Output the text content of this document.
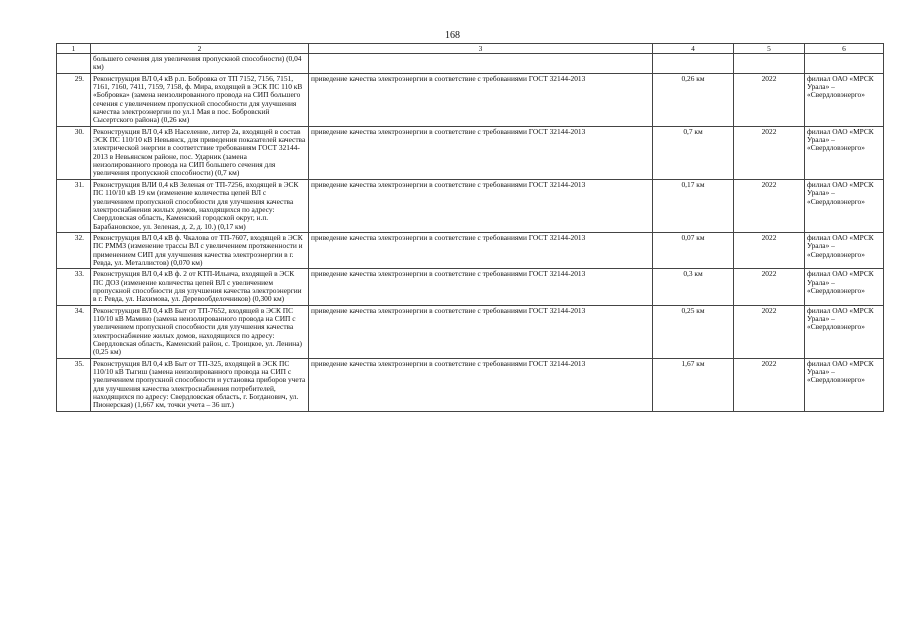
168
1	2	3	4	5	6
	большего сечения для увеличения пропускной способности) (0,04 км)				
29.	Реконструкция ВЛ 0,4 кВ р.п. Бобровка от ТП 7152, 7156, 7151, 7161, 7160, 7411, 7159, 7158, ф. Мира, входящей в ЭСК ПС 110 кВ «Бобровка» (замена неизолированного провода на СИП большего сечения с увеличением пропускной способности для улучшения качества электроэнергии по ул.1 Мая в пос. Бобровский Сысертского района) (0,26 км)	приведение качества электроэнергии в соответствие с требованиями ГОСТ 32144-2013	0,26 км	2022	филиал ОАО «МРСК Урала» – «Свердловэнерго»
30.	Реконструкция ВЛ 0,4 кВ Население, литер 2а, входящей в состав ЭСК ПС 110/10 кВ Невьянск, для приведения показателей качества электрической энергии в соответствие требованиям ГОСТ 32144-2013 в Невьянском районе, пос. Ударник (замена неизолированного провода на СИП большего сечения для увеличения пропускной способности) (0,7 км)	приведение качества электроэнергии в соответствие с требованиями ГОСТ 32144-2013	0,7 км	2022	филиал ОАО «МРСК Урала» – «Свердловэнерго»
31.	Реконструкция ВЛИ 0,4 кВ Зеленая от ТП-7256, входящей в ЭСК ПС 110/10 кВ 19 км (изменение количества цепей ВЛ с увеличением пропускной способности для улучшения качества электроснабжения жилых домов, находящихся по адресу: Свердловская область, Каменский городской округ, н.п. Барабановское, ул. Зеленая, д. 2, д. 10.) (0,17 км)	приведение качества электроэнергии в соответствие с требованиями ГОСТ 32144-2013	0,17 км	2022	филиал ОАО «МРСК Урала» – «Свердловэнерго»
32.	Реконструкция ВЛ 0,4 кВ ф. Чкалова от ТП-7607, входящей в ЭСК ПС РММЗ (изменение трассы ВЛ с увеличением протяженности и применением СИП для улучшения качества электроэнергии в г. Ревда, ул. Металлистов) (0,070 км)	приведение качества электроэнергии в соответствие с требованиями ГОСТ 32144-2013	0,07 км	2022	филиал ОАО «МРСК Урала» – «Свердловэнерго»
33.	Реконструкция ВЛ 0,4 кВ ф. 2 от КТП-Ильича, входящей в ЭСК ПС ДОЗ (изменение количества цепей ВЛ с увеличением пропускной способности для улучшения качества электроэнергии в г. Ревда, ул. Нахимова, ул. Деревообделочников) (0,300 км)	приведение качества электроэнергии в соответствие с требованиями ГОСТ 32144-2013	0,3 км	2022	филиал ОАО «МРСК Урала» – «Свердловэнерго»
34.	Реконструкция ВЛ 0,4 кВ Быт от ТП-7652, входящей в ЭСК ПС 110/10 кВ Мамино (замена неизолированного провода на СИП с увеличением пропускной способности для улучшения качества электроснабжение жилых домов, находящихся по адресу: Свердловская область, Каменский район, с. Троицкое, ул. Ленина) (0,25 км)	приведение качества электроэнергии в соответствие с требованиями ГОСТ 32144-2013	0,25 км	2022	филиал ОАО «МРСК Урала» – «Свердловэнерго»
35.	Реконструкция ВЛ 0,4 кВ Быт от ТП-325, входящей в ЭСК ПС 110/10 кВ Тыгиш (замена неизолированного провода на СИП с увеличением пропускной способности и установка приборов учета для улучшения качества электроснабжения потребителей, находящихся по адресу: Свердловская область, г. Богданович, ул. Пионерская) (1,667 км, точки учета – 36 шт.)	приведение качества электроэнергии в соответствие с требованиями ГОСТ 32144-2013	1,67 км	2022	филиал ОАО «МРСК Урала» – «Свердловэнерго»
